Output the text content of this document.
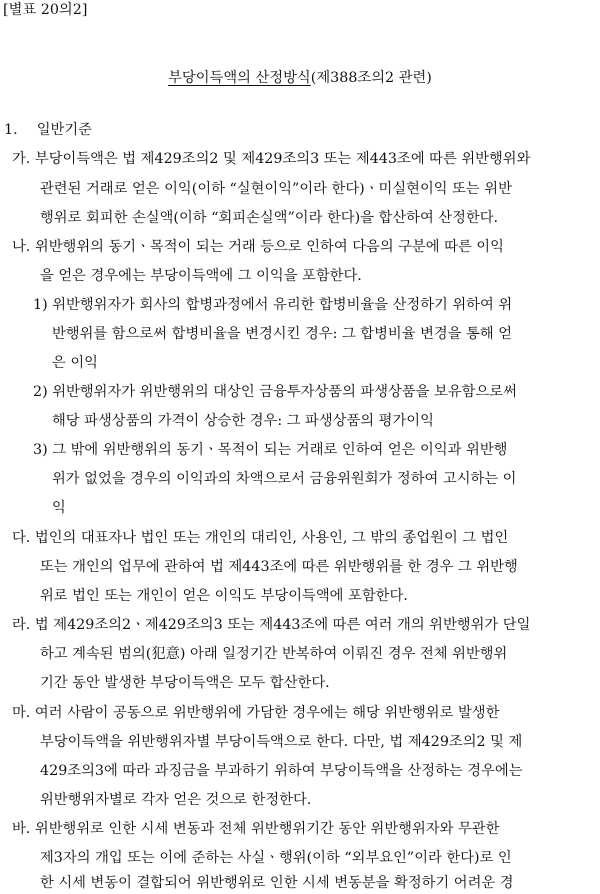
[별표 20의2]
부당이득액의 산정방식(제388조의2 관련)
1. 일반기준
가. 부당이득액은 법 제429조의2 및 제429조의3 또는 제443조에 따른 위반행위와
관련된 거래로 얻은 이익(이하 “실현이익”이라 한다)ㆍ미실현이익 또는 위반
행위로 회피한 손실액(이하 “회피손실액”이라 한다)을 합산하여 산정한다.
나. 위반행위의 동기ㆍ목적이 되는 거래 등으로 인하여 다음의 구분에 따른 이익
을 얻은 경우에는 부당이득액에 그 이익을 포함한다.
1) 위반행위자가 회사의 합병과정에서 유리한 합병비율을 산정하기 위하여 위
반행위를 함으로써 합병비율을 변경시킨 경우: 그 합병비율 변경을 통해 얻
은 이익
2) 위반행위자가 위반행위의 대상인 금융투자상품의 파생상품을 보유함으로써
해당 파생상품의 가격이 상승한 경우: 그 파생상품의 평가이익
3) 그 밖에 위반행위의 동기ㆍ목적이 되는 거래로 인하여 얻은 이익과 위반행
위가 없었을 경우의 이익과의 차액으로서 금융위원회가 정하여 고시하는 이
익
다. 법인의 대표자나 법인 또는 개인의 대리인, 사용인, 그 밖의 종업원이 그 법인
또는 개인의 업무에 관하여 법 제443조에 따른 위반행위를 한 경우 그 위반행
위로 법인 또는 개인이 얻은 이익도 부당이득액에 포함한다.
라. 법 제429조의2ㆍ제429조의3 또는 제443조에 따른 여러 개의 위반행위가 단일
하고 계속된 범의(犯意) 아래 일정기간 반복하여 이뤄진 경우 전체 위반행위
기간 동안 발생한 부당이득액은 모두 합산한다.
마. 여러 사람이 공동으로 위반행위에 가담한 경우에는 해당 위반행위로 발생한
부당이득액을 위반행위자별 부당이득액으로 한다. 다만, 법 제429조의2 및 제
429조의3에 따라 과징금을 부과하기 위하여 부당이득액을 산정하는 경우에는
위반행위자별로 각자 얻은 것으로 한정한다.
바. 위반행위로 인한 시세 변동과 전체 위반행위기간 동안 위반행위자와 무관한
제3자의 개입 또는 이에 준하는 사실ㆍ행위(이하 “외부요인”이라 한다)로 인
한 시세 변동이 결합되어 위반행위로 인한 시세 변동분을 확정하기 어려운 경
